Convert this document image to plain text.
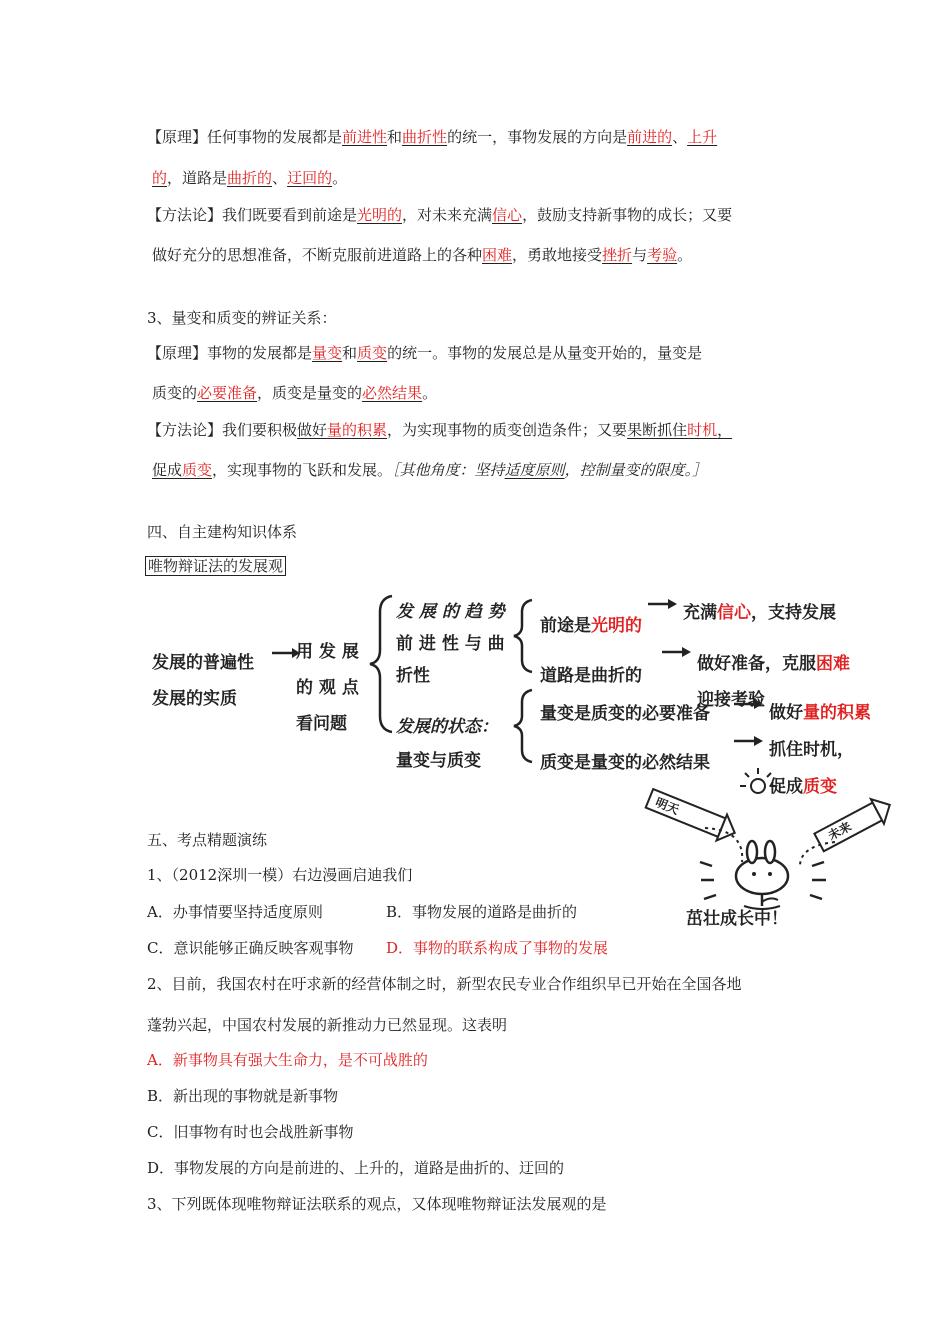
【原理】任何事物的发展都是前进性和曲折性的统一，事物发展的方向是前进的、上升
的，道路是曲折的、迂回的。
【方法论】我们既要看到前途是光明的，对未来充满信心，鼓励支持新事物的成长；又要
做好充分的思想准备，不断克服前进道路上的各种困难，勇敢地接受挫折与考验。
3、量变和质变的辨证关系：
【原理】事物的发展都是量变和质变的统一。事物的发展总是从量变开始的，量变是
质变的必要准备，质变是量变的必然结果。
【方法论】我们要积极做好量的积累，为实现事物的质变创造条件；又要果断抓住时机，
促成质变，实现事物的飞跃和发展。［其他角度：坚持适度原则，控制量变的限度。］
四、自主建构知识体系
唯物辩证法的发展观
发展的普遍性
发展的实质
用 发 展
的 观 点
看问题
发 展 的 趋 势
前 进 性 与 曲
折性
发展的状态：
量变与质变
前途是光明的
道路是曲折的
量变是质变的必要准备
质变是量变的必然结果
充满信心，支持发展
做好准备，克服困难
迎接考验
做好量的积累
抓住时机，
促成质变
五、考点精题演练
1、（2012深圳一模）右边漫画启迪我们
A．办事情要坚持适度原则	B．事物发展的道路是曲折的
C．意识能够正确反映客观事物 D．事物的联系构成了事物的发展
2、目前，我国农村在吁求新的经营体制之时，新型农民专业合作组织早已开始在全国各地
蓬勃兴起，中国农村发展的新推动力已然显现。这表明
A．新事物具有强大生命力，是不可战胜的
B．新出现的事物就是新事物
C．旧事物有时也会战胜新事物
D．事物发展的方向是前进的、上升的，道路是曲折的、迂回的
3、下列既体现唯物辩证法联系的观点，又体现唯物辩证法发展观的是
明天
未来
茁壮成长中！
